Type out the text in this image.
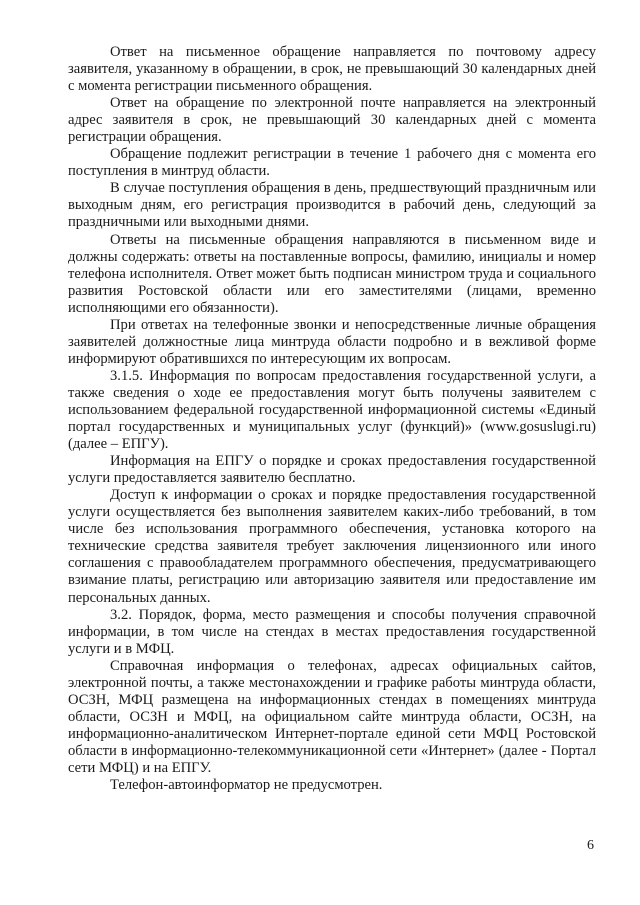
Ответ на письменное обращение направляется по почтовому адресу заявителя, указанному в обращении, в срок, не превышающий 30 календарных дней с момента регистрации письменного обращения.

Ответ на обращение по электронной почте направляется на электронный адрес заявителя в срок, не превышающий 30 календарных дней с момента регистрации обращения.

Обращение подлежит регистрации в течение 1 рабочего дня с момента его поступления в минтруд области.

В случае поступления обращения в день, предшествующий праздничным или выходным дням, его регистрация производится в рабочий день, следующий за праздничными или выходными днями.

Ответы на письменные обращения направляются в письменном виде и должны содержать: ответы на поставленные вопросы, фамилию, инициалы и номер телефона исполнителя. Ответ может быть подписан министром труда и социального развития Ростовской области или его заместителями (лицами, временно исполняющими его обязанности).

При ответах на телефонные звонки и непосредственные личные обращения заявителей должностные лица минтруда области подробно и в вежливой форме информируют обратившихся по интересующим их вопросам.

3.1.5. Информация по вопросам предоставления государственной услуги, а также сведения о ходе ее предоставления могут быть получены заявителем с использованием федеральной государственной информационной системы «Единый портал государственных и муниципальных услуг (функций)» (www.gosuslugi.ru) (далее – ЕПГУ).

Информация на ЕПГУ о порядке и сроках предоставления государственной услуги предоставляется заявителю бесплатно.

Доступ к информации о сроках и порядке предоставления государственной услуги осуществляется без выполнения заявителем каких-либо требований, в том числе без использования программного обеспечения, установка которого на технические средства заявителя требует заключения лицензионного или иного соглашения с правообладателем программного обеспечения, предусматривающего взимание платы, регистрацию или авторизацию заявителя или предоставление им персональных данных.

3.2. Порядок, форма, место размещения и способы получения справочной информации, в том числе на стендах в местах предоставления государственной услуги и в МФЦ.

Справочная информация о телефонах, адресах официальных сайтов, электронной почты, а также местонахождении и графике работы минтруда области, ОСЗН, МФЦ размещена на информационных стендах в помещениях минтруда области, ОСЗН и МФЦ, на официальном сайте минтруда области, ОСЗН, на информационно-аналитическом Интернет-портале единой сети МФЦ Ростовской области в информационно-телекоммуникационной сети «Интернет» (далее - Портал сети МФЦ) и на ЕПГУ.

Телефон-автоинформатор не предусмотрен.

6
